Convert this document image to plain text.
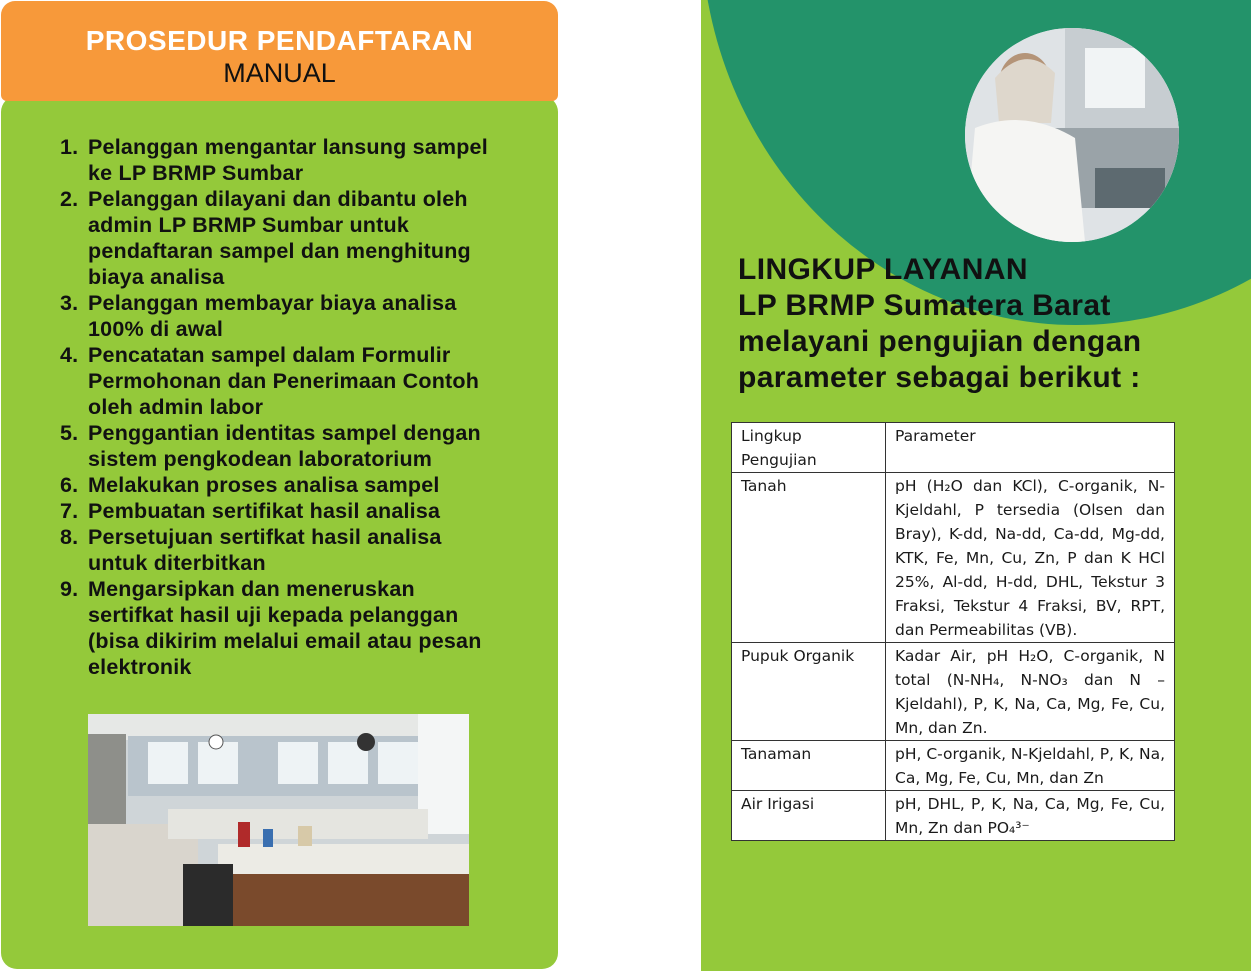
PROSEDUR PENDAFTARAN
MANUAL
1. Pelanggan mengantar lansung sampel ke LP BRMP Sumbar
2. Pelanggan dilayani dan dibantu oleh admin LP BRMP Sumbar untuk pendaftaran sampel dan menghitung biaya analisa
3. Pelanggan membayar biaya analisa 100% di awal
4. Pencatatan sampel dalam Formulir Permohonan dan Penerimaan Contoh oleh admin labor
5. Penggantian identitas sampel dengan sistem pengkodean laboratorium
6. Melakukan proses analisa sampel
7. Pembuatan sertifikat hasil analisa
8. Persetujuan sertifkat hasil analisa untuk diterbitkan
9. Mengarsipkan dan meneruskan sertifkat hasil uji kepada pelanggan (bisa dikirim melalui email atau pesan elektronik
LINGKUP LAYANAN
LP BRMP Sumatera Barat
melayani pengujian dengan
parameter sebagai berikut :
Lingkup Pengujian	Parameter
Tanah	pH (H₂O dan KCl), C-organik, N-Kjeldahl, P tersedia (Olsen dan Bray), K-dd, Na-dd, Ca-dd, Mg-dd, KTK, Fe, Mn, Cu, Zn, P dan K HCl 25%, Al-dd, H-dd, DHL, Tekstur 3 Fraksi, Tekstur 4 Fraksi, BV, RPT, dan Permeabilitas (VB).
Pupuk Organik	Kadar Air, pH H₂O, C-organik, N total (N-NH₄, N-NO₃ dan N –Kjeldahl), P, K, Na, Ca, Mg, Fe, Cu, Mn, dan Zn.
Tanaman	pH, C-organik, N-Kjeldahl, P, K, Na, Ca, Mg, Fe, Cu, Mn, dan Zn
Air Irigasi	pH, DHL, P, K, Na, Ca, Mg, Fe, Cu, Mn, Zn dan PO₄³⁻
